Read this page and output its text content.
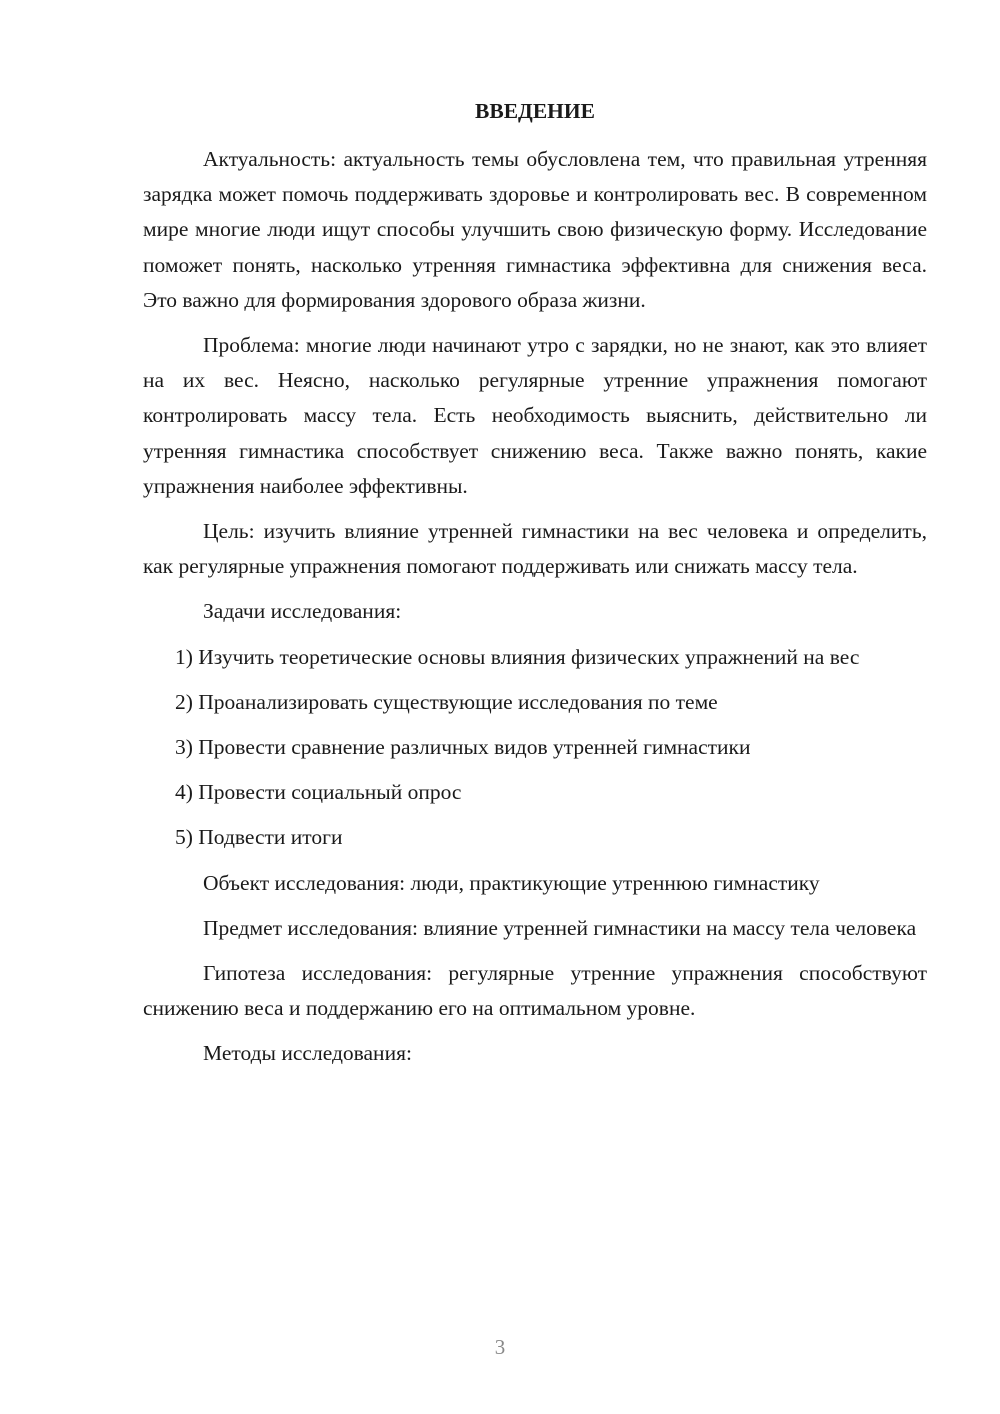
ВВЕДЕНИЕ

Актуальность: актуальность темы обусловлена тем, что правильная утренняя зарядка может помочь поддерживать здоровье и контролировать вес. В современном мире многие люди ищут способы улучшить свою физическую форму. Исследование поможет понять, насколько утренняя гимнастика эффективна для снижения веса. Это важно для формирования здорового образа жизни.

Проблема: многие люди начинают утро с зарядки, но не знают, как это влияет на их вес. Неясно, насколько регулярные утренние упражнения помогают контролировать массу тела. Есть необходимость выяснить, действительно ли утренняя гимнастика способствует снижению веса. Также важно понять, какие упражнения наиболее эффективны.

Цель: изучить влияние утренней гимнастики на вес человека и определить, как регулярные упражнения помогают поддерживать или снижать массу тела.

Задачи исследования:

1) Изучить теоретические основы влияния физических упражнений на вес

2) Проанализировать существующие исследования по теме

3) Провести сравнение различных видов утренней гимнастики

4) Провести социальный опрос

5) Подвести итоги

Объект исследования: люди, практикующие утреннюю гимнастику

Предмет исследования: влияние утренней гимнастики на массу тела человека

Гипотеза исследования: регулярные утренние упражнения способствуют снижению веса и поддержанию его на оптимальном уровне.

Методы исследования:

3
